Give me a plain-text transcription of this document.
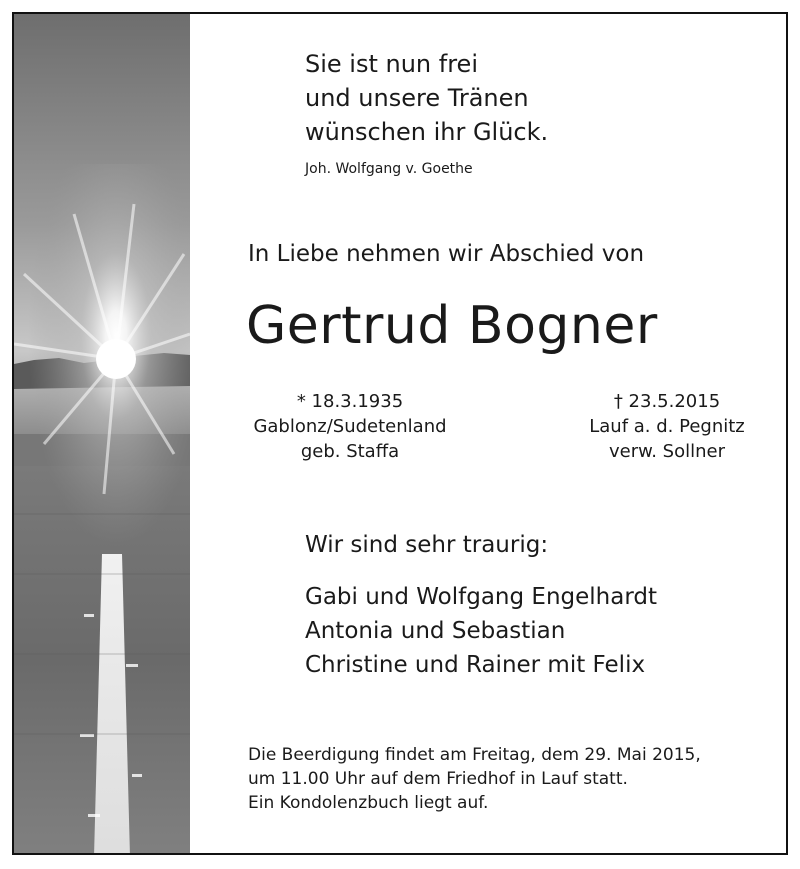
Sie ist nun frei
und unsere Tränen
wünschen ihr Glück.
Joh. Wolfgang v. Goethe
In Liebe nehmen wir Abschied von
Gertrud Bogner
* 18.3.1935
Gablonz/Sudetenland
geb. Staffa
† 23.5.2015
Lauf a. d. Pegnitz
verw. Sollner
Wir sind sehr traurig:
Gabi und Wolfgang Engelhardt
Antonia und Sebastian
Christine und Rainer mit Felix
Die Beerdigung findet am Freitag, dem 29. Mai 2015,
um 11.00 Uhr auf dem Friedhof in Lauf statt.
Ein Kondolenzbuch liegt auf.
